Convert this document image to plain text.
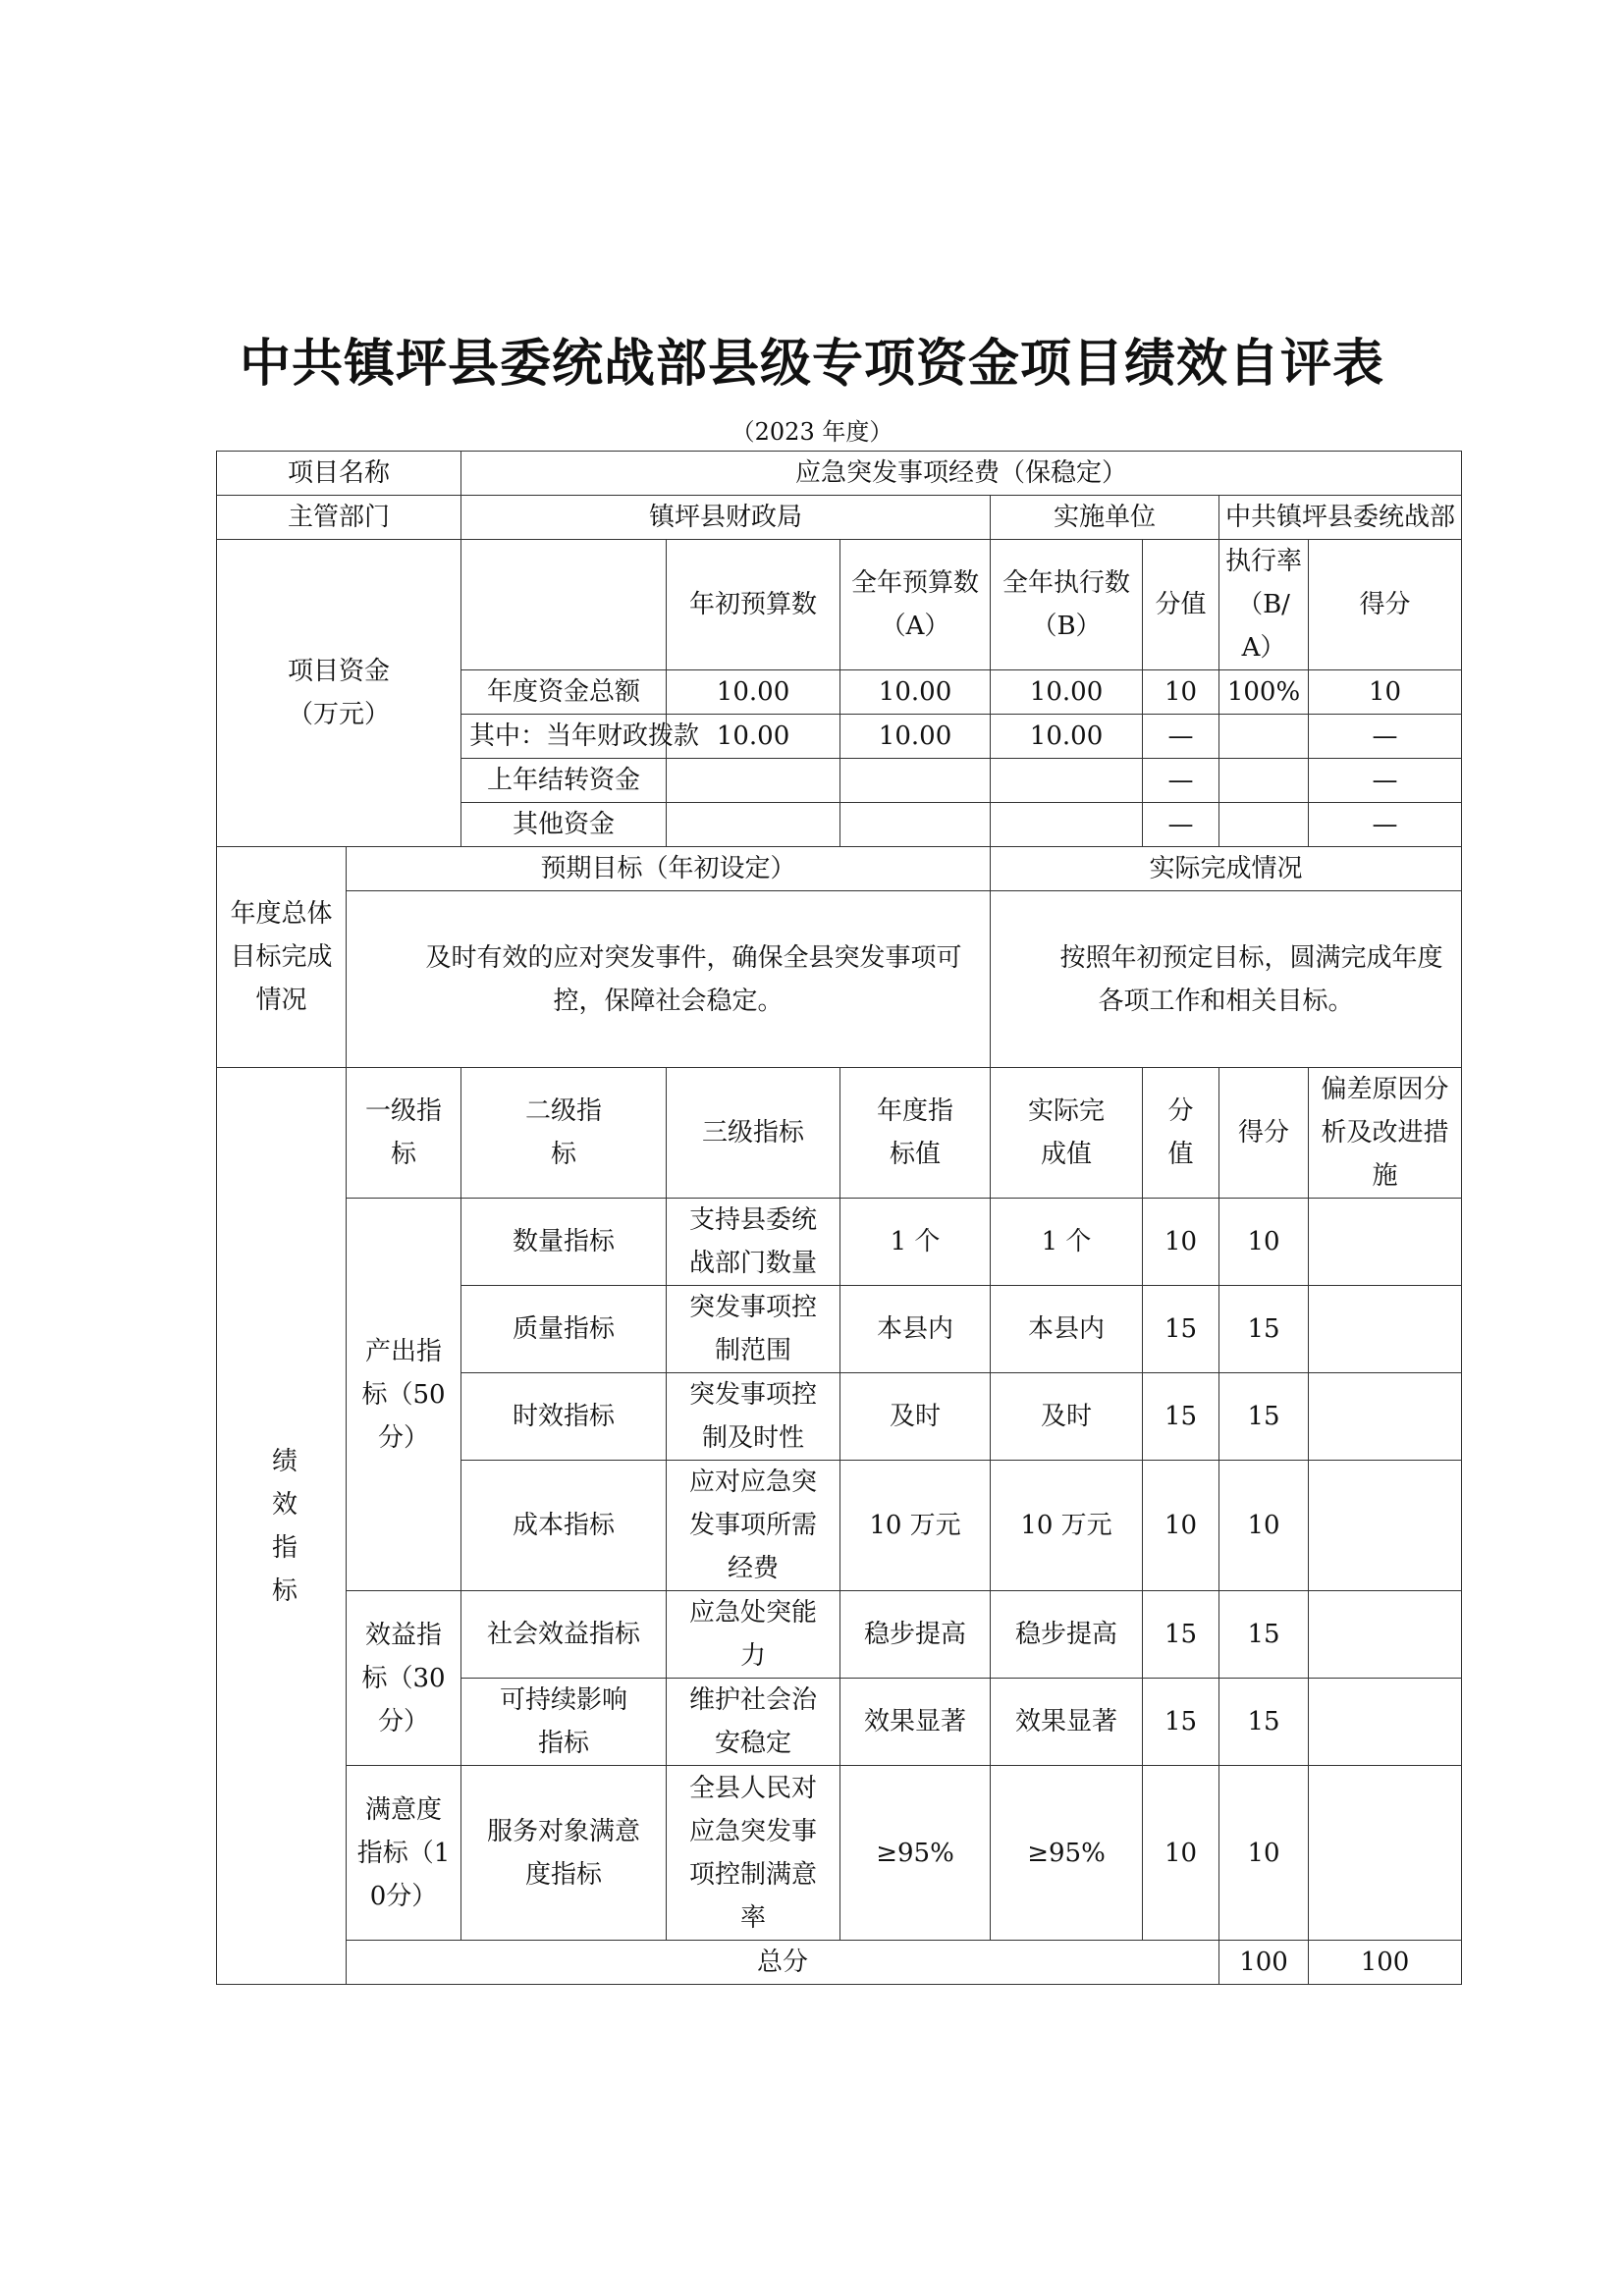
中共镇坪县委统战部县级专项资金项目绩效自评表
（2023 年度）
项目名称		应急突发事项经费（保稳定）							
主管部门		镇坪县财政局			实施单位		中共镇坪县委统战部		
项目资金
（万元）			年初预算数	全年预算数（A）	全年执行数（B）	分值	执行率（B/A）	得分	
		年度资金总额	10.00	10.00	10.00	10	100%	10	
		其中：当年财政拨款	10.00	10.00	10.00	—		—	
		上年结转资金				—		—	
		其他资金				—		—	
年度总体目标完成情况	预期目标（年初设定）				实际完成情况				

	及时有效的应对突发事件，确保全县突发事项可控，保障社会稳定。				按照年初预定目标，圆满完成年度各项工作和相关目标。				

绩效指标	一级指标	二级指标	三级指标	年度指标值	实际完成值	分值	得分	偏差原因分析及改进措施	
	产出指标（50分）	数量指标	支持县委统战部门数量	1 个	1 个	10	10		
		质量指标	突发事项控制范围	本县内	本县内	15	15		
		时效指标	突发事项控制及时性	及时	及时	15	15		
		成本指标	应对应急突发事项所需经费	10 万元	10 万元	10	10		
	效益指标（30分）	社会效益指标	应急处突能力	稳步提高	稳步提高	15	15		
		可持续影响指标	维护社会治安稳定	效果显著	效果显著	15	15		
	满意度指标（10分）	服务对象满意度指标	全县人民对应急突发事项控制满意率	≥95%	≥95%	10	10		
	总分						100	100	
